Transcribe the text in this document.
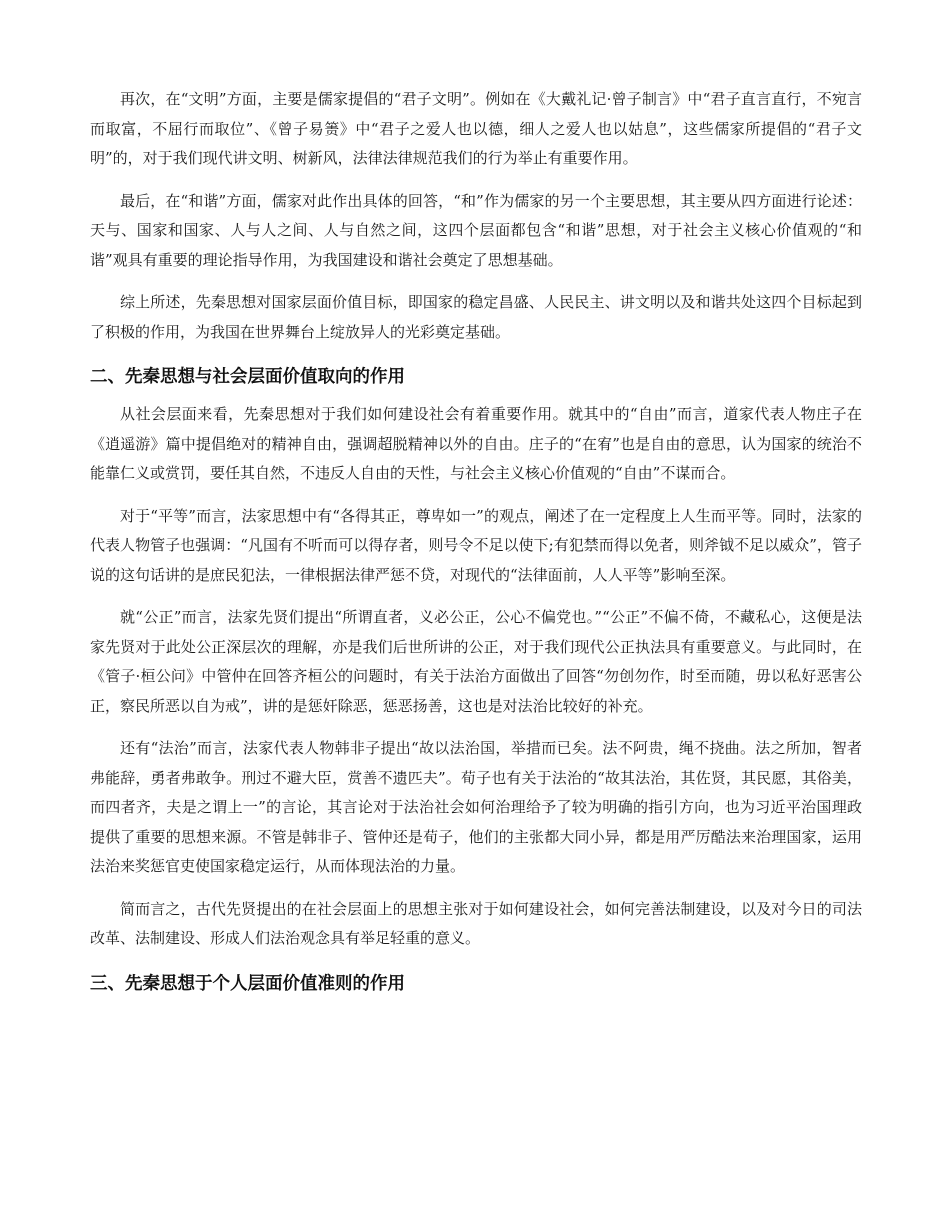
再次，在“文明”方面，主要是儒家提倡的“君子文明”。例如在《大戴礼记·曾子制言》中“君子直言直行，不宛言而取富，不屈行而取位”、《曾子易箦》中“君子之爱人也以德，细人之爱人也以姑息”，这些儒家所提倡的“君子文明”的，对于我们现代讲文明、树新风，法律法律规范我们的行为举止有重要作用。

最后，在“和谐”方面，儒家对此作出具体的回答，“和”作为儒家的另一个主要思想，其主要从四方面进行论述：天与、国家和国家、人与人之间、人与自然之间，这四个层面都包含“和谐”思想，对于社会主义核心价值观的“和谐”观具有重要的理论指导作用，为我国建设和谐社会奠定了思想基础。

综上所述，先秦思想对国家层面价值目标，即国家的稳定昌盛、人民民主、讲文明以及和谐共处这四个目标起到了积极的作用，为我国在世界舞台上绽放异人的光彩奠定基础。

二、先秦思想与社会层面价值取向的作用

从社会层面来看，先秦思想对于我们如何建设社会有着重要作用。就其中的“自由”而言，道家代表人物庄子在《逍遥游》篇中提倡绝对的精神自由，强调超脱精神以外的自由。庄子的“在宥”也是自由的意思，认为国家的统治不能靠仁义或赏罚，要任其自然，不违反人自由的天性，与社会主义核心价值观的“自由”不谋而合。

对于“平等”而言，法家思想中有“各得其正，尊卑如一”的观点，阐述了在一定程度上人生而平等。同时，法家的代表人物管子也强调：“凡国有不听而可以得存者，则号令不足以使下;有犯禁而得以免者，则斧钺不足以威众”，管子说的这句话讲的是庶民犯法，一律根据法律严惩不贷，对现代的“法律面前，人人平等”影响至深。

就“公正”而言，法家先贤们提出“所谓直者，义必公正，公心不偏党也。”“公正”不偏不倚，不藏私心，这便是法家先贤对于此处公正深层次的理解，亦是我们后世所讲的公正，对于我们现代公正执法具有重要意义。与此同时，在《管子·桓公问》中管仲在回答齐桓公的问题时，有关于法治方面做出了回答“勿创勿作，时至而随，毋以私好恶害公正，察民所恶以自为戒”，讲的是惩奸除恶，惩恶扬善，这也是对法治比较好的补充。

还有“法治”而言，法家代表人物韩非子提出“故以法治国，举措而已矣。法不阿贵，绳不挠曲。法之所加，智者弗能辞，勇者弗敢争。刑过不避大臣，赏善不遗匹夫”。荀子也有关于法治的“故其法治，其佐贤，其民愿，其俗美，而四者齐，夫是之谓上一”的言论，其言论对于法治社会如何治理给予了较为明确的指引方向，也为习近平治国理政提供了重要的思想来源。不管是韩非子、管仲还是荀子，他们的主张都大同小异，都是用严厉酷法来治理国家，运用法治来奖惩官吏使国家稳定运行，从而体现法治的力量。

简而言之，古代先贤提出的在社会层面上的思想主张对于如何建设社会，如何完善法制建设，以及对今日的司法改革、法制建设、形成人们法治观念具有举足轻重的意义。

三、先秦思想于个人层面价值准则的作用
